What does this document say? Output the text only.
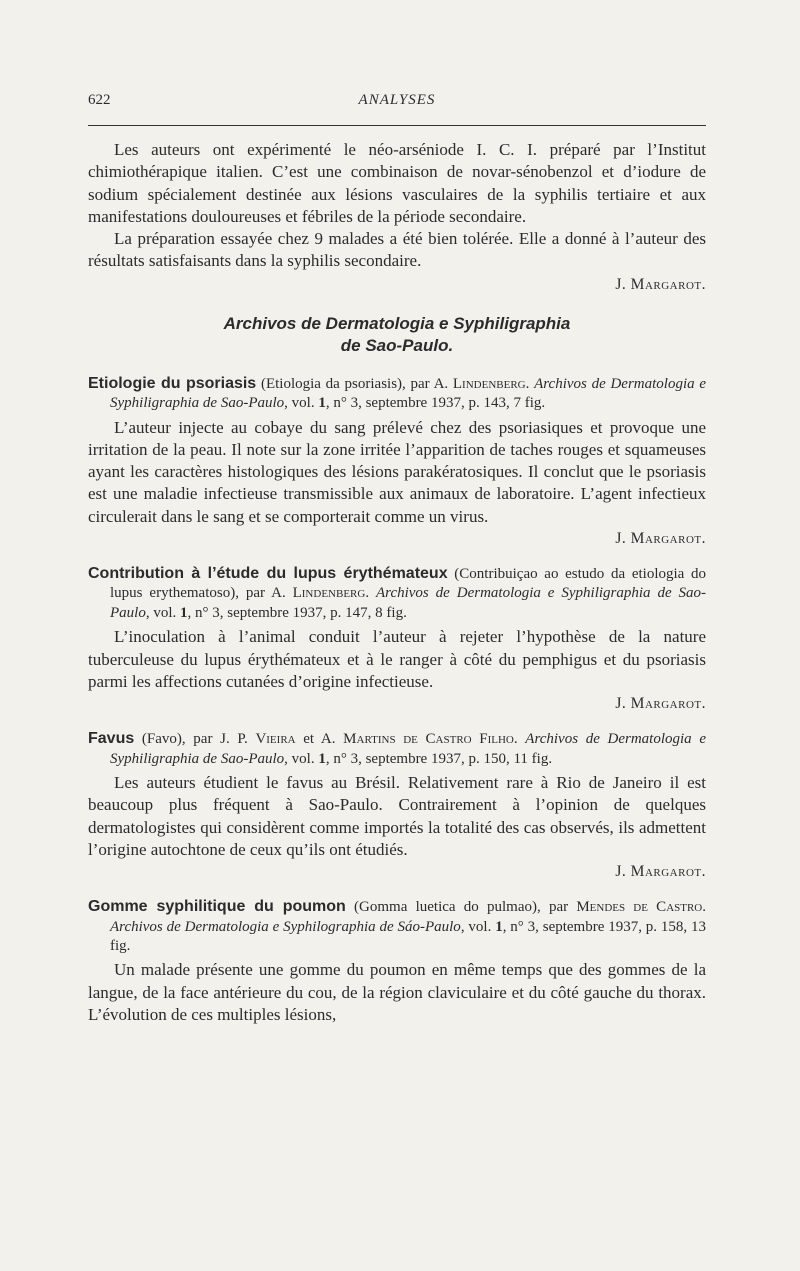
622	ANALYSES

Les auteurs ont expérimenté le néo-arséniode I. C. I. préparé par l’Institut chimiothérapique italien. C’est une combinaison de novar-sénobenzol et d’iodure de sodium spécialement destinée aux lésions vasculaires de la syphilis tertiaire et aux manifestations douloureuses et fébriles de la période secondaire.

La préparation essayée chez 9 malades a été bien tolérée. Elle a donné à l’auteur des résultats satisfaisants dans la syphilis secondaire.

J. Margarot.

Archivos de Dermatologia e Syphiligraphia

de Sao-Paulo.

Etiologie du psoriasis (Etiologia da psoriasis), par A. Lindenberg. Archivos de Dermatologia e Syphiligraphia de Sao-Paulo, vol. 1, n° 3, septembre 1937, p. 143, 7 fig.

L’auteur injecte au cobaye du sang prélevé chez des psoriasiques et provoque une irritation de la peau. Il note sur la zone irritée l’apparition de taches rouges et squameuses ayant les caractères histologiques des lésions parakératosiques. Il conclut que le psoriasis est une maladie infectieuse transmissible aux animaux de laboratoire. L’agent infectieux circulerait dans le sang et se comporterait comme un virus.

J. Margarot.

Contribution à l’étude du lupus érythémateux (Contribuiçao ao estudo da etiologia do lupus erythematoso), par A. Lindenberg. Archivos de Dermatologia e Syphiligraphia de Sao-Paulo, vol. 1, n° 3, septembre 1937, p. 147, 8 fig.

L’inoculation à l’animal conduit l’auteur à rejeter l’hypothèse de la nature tuberculeuse du lupus érythémateux et à le ranger à côté du pemphigus et du psoriasis parmi les affections cutanées d’origine infectieuse.

J. Margarot.

Favus (Favo), par J. P. Vieira et A. Martins de Castro Filho. Archivos de Dermatologia e Syphiligraphia de Sao-Paulo, vol. 1, n° 3, septembre 1937, p. 150, 11 fig.

Les auteurs étudient le favus au Brésil. Relativement rare à Rio de Janeiro il est beaucoup plus fréquent à Sao-Paulo. Contrairement à l’opinion de quelques dermatologistes qui considèrent comme importés la totalité des cas observés, ils admettent l’origine autochtone de ceux qu’ils ont étudiés.

J. Margarot.

Gomme syphilitique du poumon (Gomma luetica do pulmao), par Mendes de Castro. Archivos de Dermatologia e Syphilographia de Sáo-Paulo, vol. 1, n° 3, septembre 1937, p. 158, 13 fig.

Un malade présente une gomme du poumon en même temps que des gommes de la langue, de la face antérieure du cou, de la région claviculaire et du côté gauche du thorax. L’évolution de ces multiples lésions,
